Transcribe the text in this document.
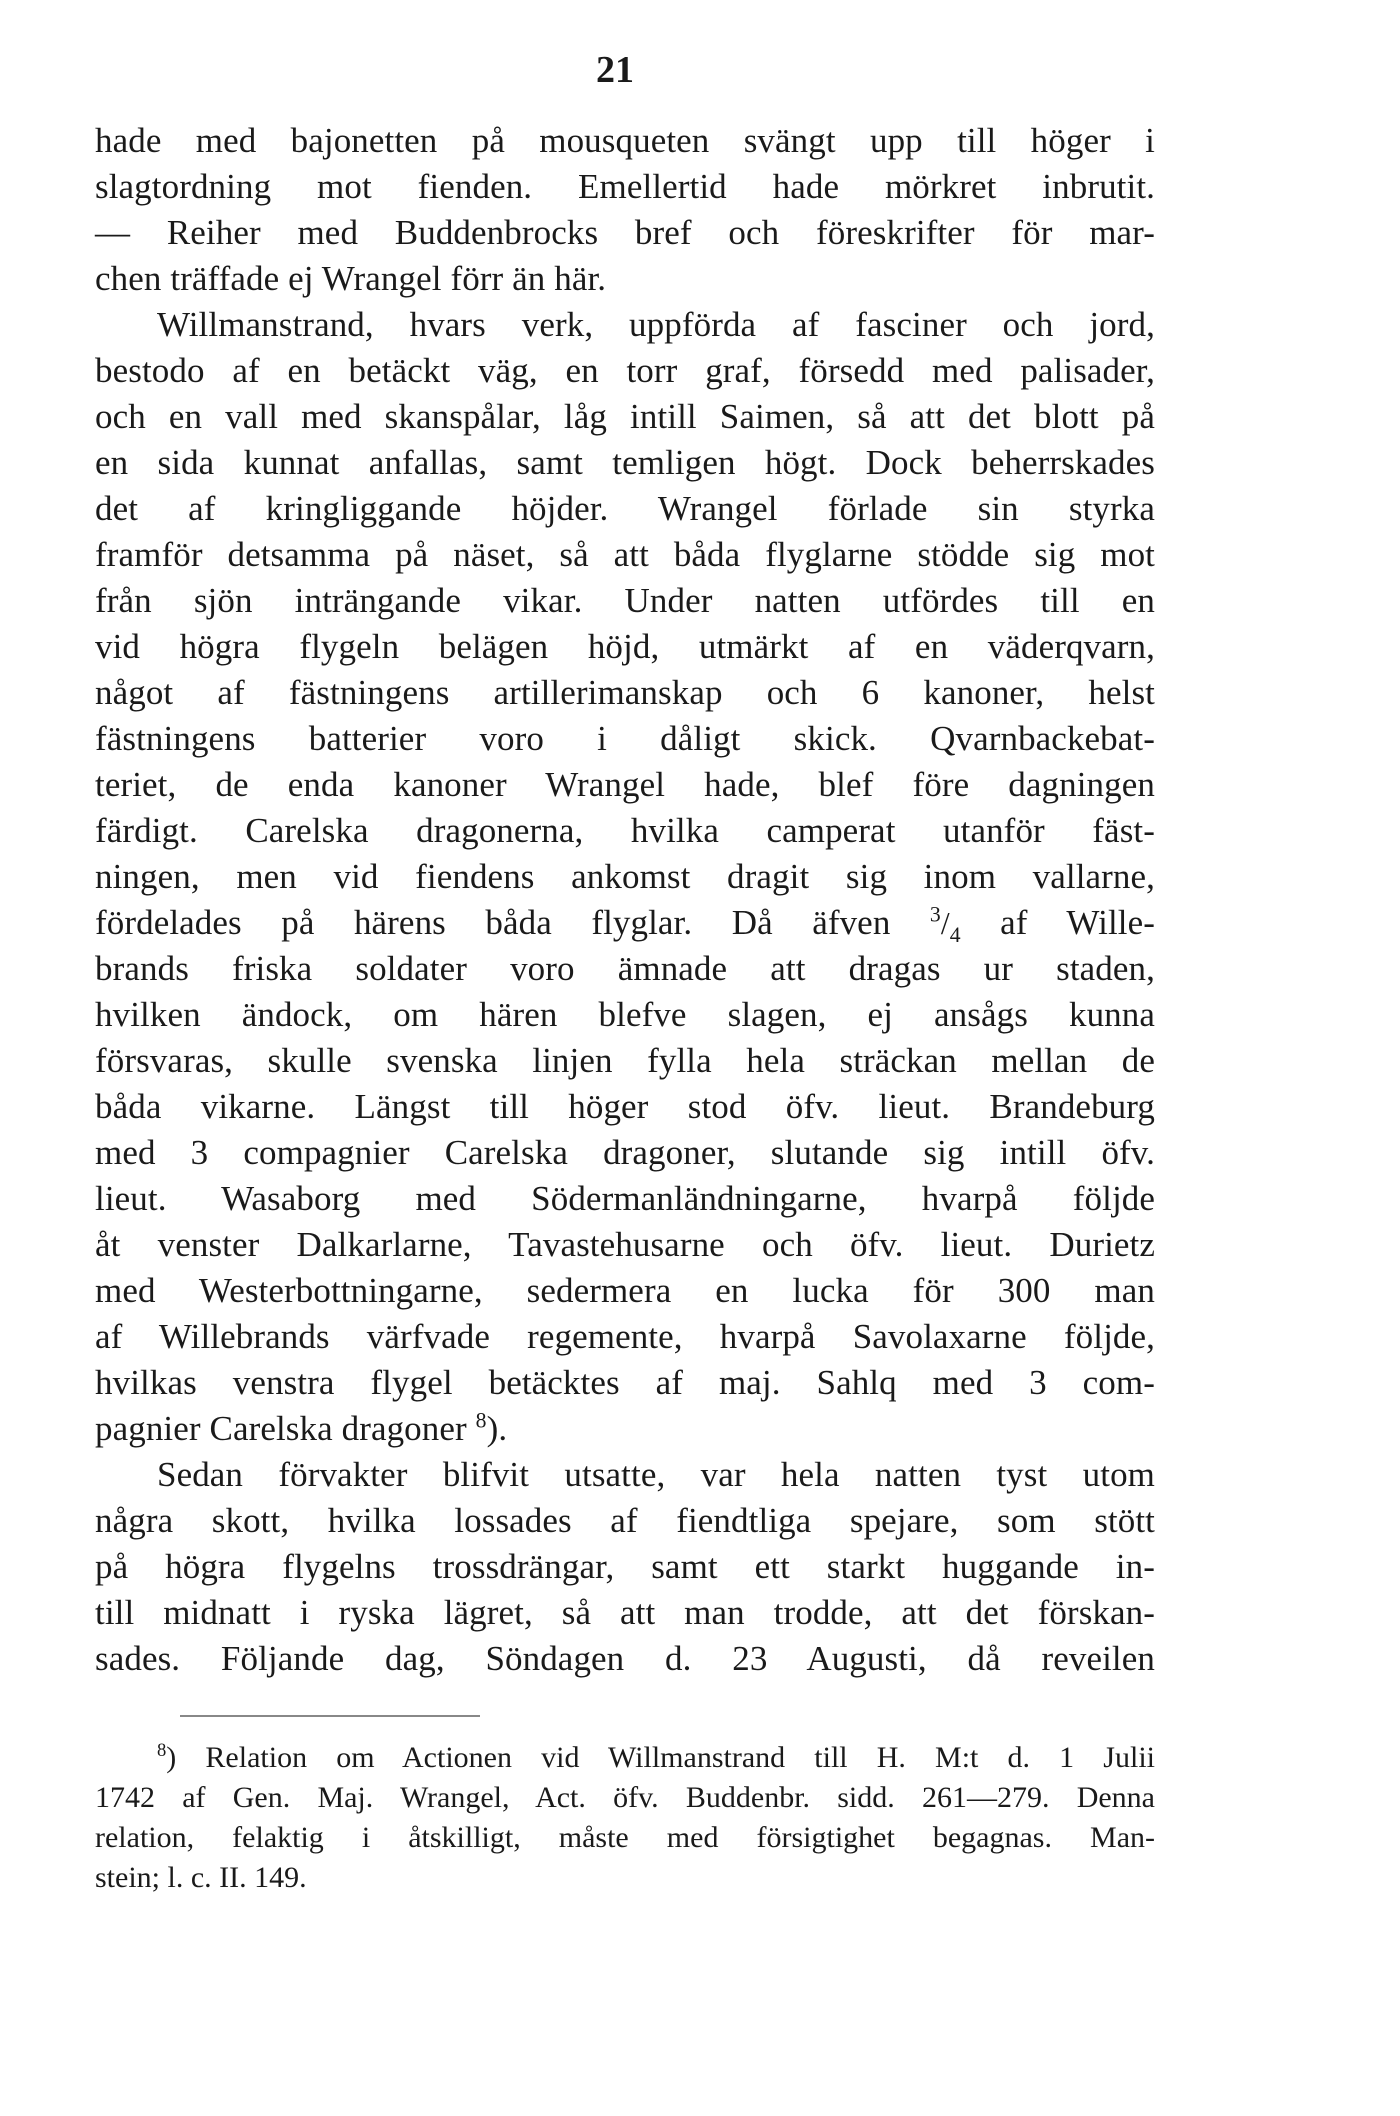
21
hade med bajonetten på mousqueten svängt upp till höger i
slagtordning mot fienden. Emellertid hade mörkret inbrutit.
— Reiher med Buddenbrocks bref och föreskrifter för mar-
chen träffade ej Wrangel förr än här.
Willmanstrand, hvars verk, uppförda af fasciner och jord,
bestodo af en betäckt väg, en torr graf, försedd med palisader,
och en vall med skanspålar, låg intill Saimen, så att det blott på
en sida kunnat anfallas, samt temligen högt. Dock beherrskades
det af kringliggande höjder. Wrangel förlade sin styrka
framför detsamma på näset, så att båda flyglarne stödde sig mot
från sjön inträngande vikar. Under natten utfördes till en
vid högra flygeln belägen höjd, utmärkt af en väderqvarn,
något af fästningens artillerimanskap och 6 kanoner, helst
fästningens batterier voro i dåligt skick. Qvarnbackebat-
teriet, de enda kanoner Wrangel hade, blef före dagningen
färdigt. Carelska dragonerna, hvilka camperat utanför fäst-
ningen, men vid fiendens ankomst dragit sig inom vallarne,
fördelades på härens båda flyglar. Då äfven $^3/_4$ af Wille-
brands friska soldater voro ämnade att dragas ur staden,
hvilken ändock, om hären blefve slagen, ej ansågs kunna
försvaras, skulle svenska linjen fylla hela sträckan mellan de
båda vikarne. Längst till höger stod öfv. lieut. Brandeburg
med 3 compagnier Carelska dragoner, slutande sig intill öfv.
lieut. Wasaborg med Södermanländningarne, hvarpå följde
åt venster Dalkarlarne, Tavastehusarne och öfv. lieut. Durietz
med Westerbottningarne, sedermera en lucka för 300 man
af Willebrands värfvade regemente, hvarpå Savolaxarne följde,
hvilkas venstra flygel betäcktes af maj. Sahlq med 3 com-
pagnier Carelska dragoner $^8$).
Sedan förvakter blifvit utsatte, var hela natten tyst utom
några skott, hvilka lossades af fiendtliga spejare, som stött
på högra flygelns trossdrängar, samt ett starkt huggande in-
till midnatt i ryska lägret, så att man trodde, att det förskan-
sades. Följande dag, Söndagen d. 23 Augusti, då reveilen
$^8$) Relation om Actionen vid Willmanstrand till H. M:t d. 1 Julii
1742 af Gen. Maj. Wrangel, Act. öfv. Buddenbr. sidd. 261—279. Denna
relation, felaktig i åtskilligt, måste med försigtighet begagnas. Man-
stein; l. c. II. 149.
